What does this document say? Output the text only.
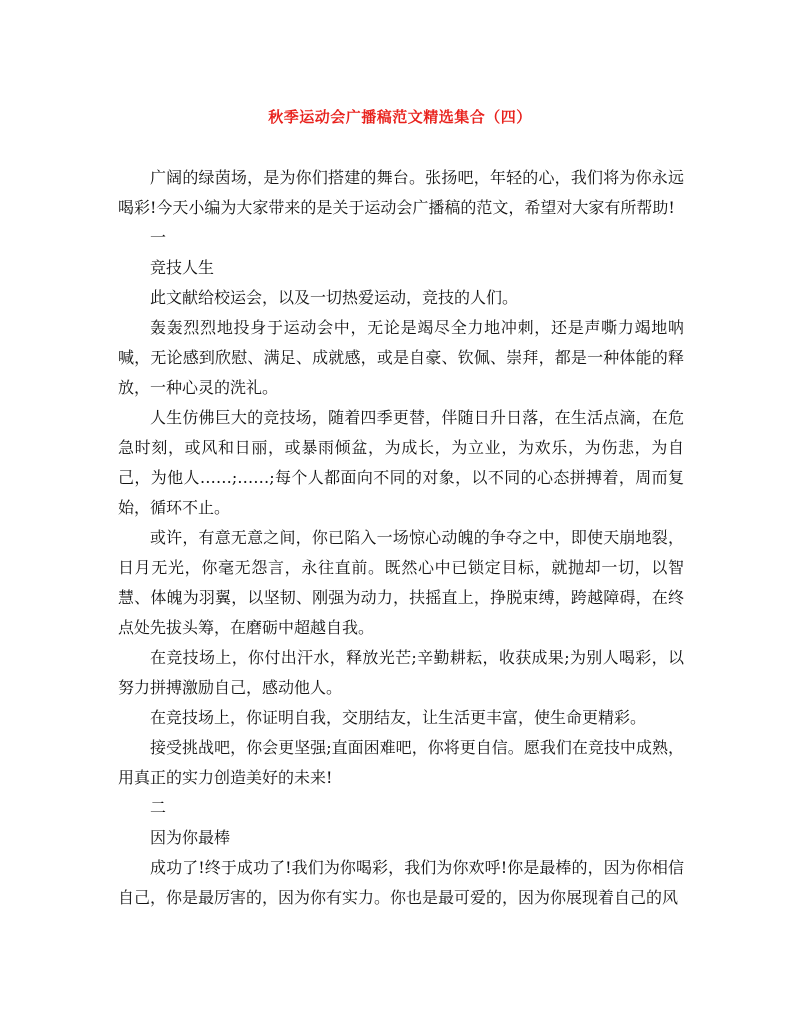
秋季运动会广播稿范文精选集合（四）

广阔的绿茵场，是为你们搭建的舞台。张扬吧，年轻的心，我们将为你永远喝彩!今天小编为大家带来的是关于运动会广播稿的范文，希望对大家有所帮助!

一

竞技人生

此文献给校运会，以及一切热爱运动，竞技的人们。

轰轰烈烈地投身于运动会中，无论是竭尽全力地冲刺，还是声嘶力竭地呐喊，无论感到欣慰、满足、成就感，或是自豪、钦佩、崇拜，都是一种体能的释放，一种心灵的洗礼。

人生仿佛巨大的竞技场，随着四季更替，伴随日升日落，在生活点滴，在危急时刻，或风和日丽，或暴雨倾盆，为成长，为立业，为欢乐，为伤悲，为自己，为他人……;……;每个人都面向不同的对象，以不同的心态拼搏着，周而复始，循环不止。

或许，有意无意之间，你已陷入一场惊心动魄的争夺之中，即使天崩地裂，日月无光，你毫无怨言，永往直前。既然心中已锁定目标，就抛却一切，以智慧、体魄为羽翼，以坚韧、刚强为动力，扶摇直上，挣脱束缚，跨越障碍，在终点处先拔头筹，在磨砺中超越自我。

在竞技场上，你付出汗水，释放光芒;辛勤耕耘，收获成果;为别人喝彩，以努力拼搏激励自己，感动他人。

在竞技场上，你证明自我，交朋结友，让生活更丰富，使生命更精彩。

接受挑战吧，你会更坚强;直面困难吧，你将更自信。愿我们在竞技中成熟，用真正的实力创造美好的未来!

二

因为你最棒

成功了!终于成功了!我们为你喝彩，我们为你欢呼!你是最棒的，因为你相信自己，你是最厉害的，因为你有实力。你也是最可爱的，因为你展现着自己的风
